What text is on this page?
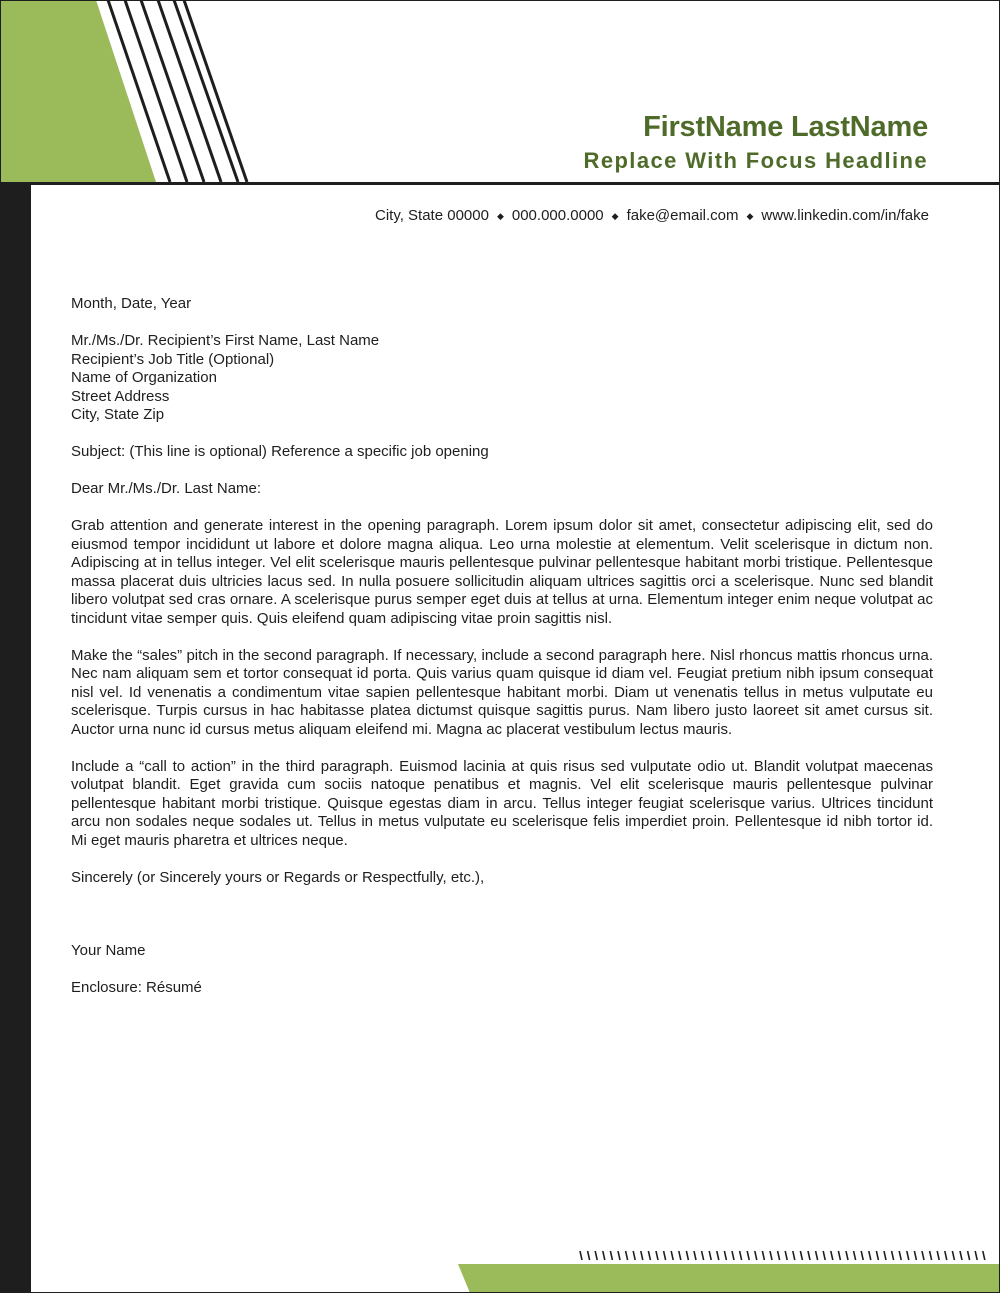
FirstName LastName
Replace With Focus Headline
City, State 00000 ◆ 000.000.0000 ◆ fake@email.com ◆ www.linkedin.com/in/fake

Month, Date, Year

Mr./Ms./Dr. Recipient’s First Name, Last Name
Recipient’s Job Title (Optional)
Name of Organization
Street Address
City, State Zip

Subject: (This line is optional) Reference a specific job opening

Dear Mr./Ms./Dr. Last Name:

Grab attention and generate interest in the opening paragraph. Lorem ipsum dolor sit amet, consectetur adipiscing elit, sed do eiusmod tempor incididunt ut labore et dolore magna aliqua. Leo urna molestie at elementum. Velit scelerisque in dictum non. Adipiscing at in tellus integer. Vel elit scelerisque mauris pellentesque pulvinar pellentesque habitant morbi tristique. Pellentesque massa placerat duis ultricies lacus sed. In nulla posuere sollicitudin aliquam ultrices sagittis orci a scelerisque. Nunc sed blandit libero volutpat sed cras ornare. A scelerisque purus semper eget duis at tellus at urna. Elementum integer enim neque volutpat ac tincidunt vitae semper quis. Quis eleifend quam adipiscing vitae proin sagittis nisl.

Make the “sales” pitch in the second paragraph. If necessary, include a second paragraph here. Nisl rhoncus mattis rhoncus urna. Nec nam aliquam sem et tortor consequat id porta. Quis varius quam quisque id diam vel. Feugiat pretium nibh ipsum consequat nisl vel. Id venenatis a condimentum vitae sapien pellentesque habitant morbi. Diam ut venenatis tellus in metus vulputate eu scelerisque. Turpis cursus in hac habitasse platea dictumst quisque sagittis purus. Nam libero justo laoreet sit amet cursus sit. Auctor urna nunc id cursus metus aliquam eleifend mi. Magna ac placerat vestibulum lectus mauris.

Include a “call to action” in the third paragraph. Euismod lacinia at quis risus sed vulputate odio ut. Blandit volutpat maecenas volutpat blandit. Eget gravida cum sociis natoque penatibus et magnis. Vel elit scelerisque mauris pellentesque pulvinar pellentesque habitant morbi tristique. Quisque egestas diam in arcu. Tellus integer feugiat scelerisque varius. Ultrices tincidunt arcu non sodales neque sodales ut. Tellus in metus vulputate eu scelerisque felis imperdiet proin. Pellentesque id nibh tortor id. Mi eget mauris pharetra et ultrices neque.

Sincerely (or Sincerely yours or Regards or Respectfully, etc.),

Your Name

Enclosure: Résumé
